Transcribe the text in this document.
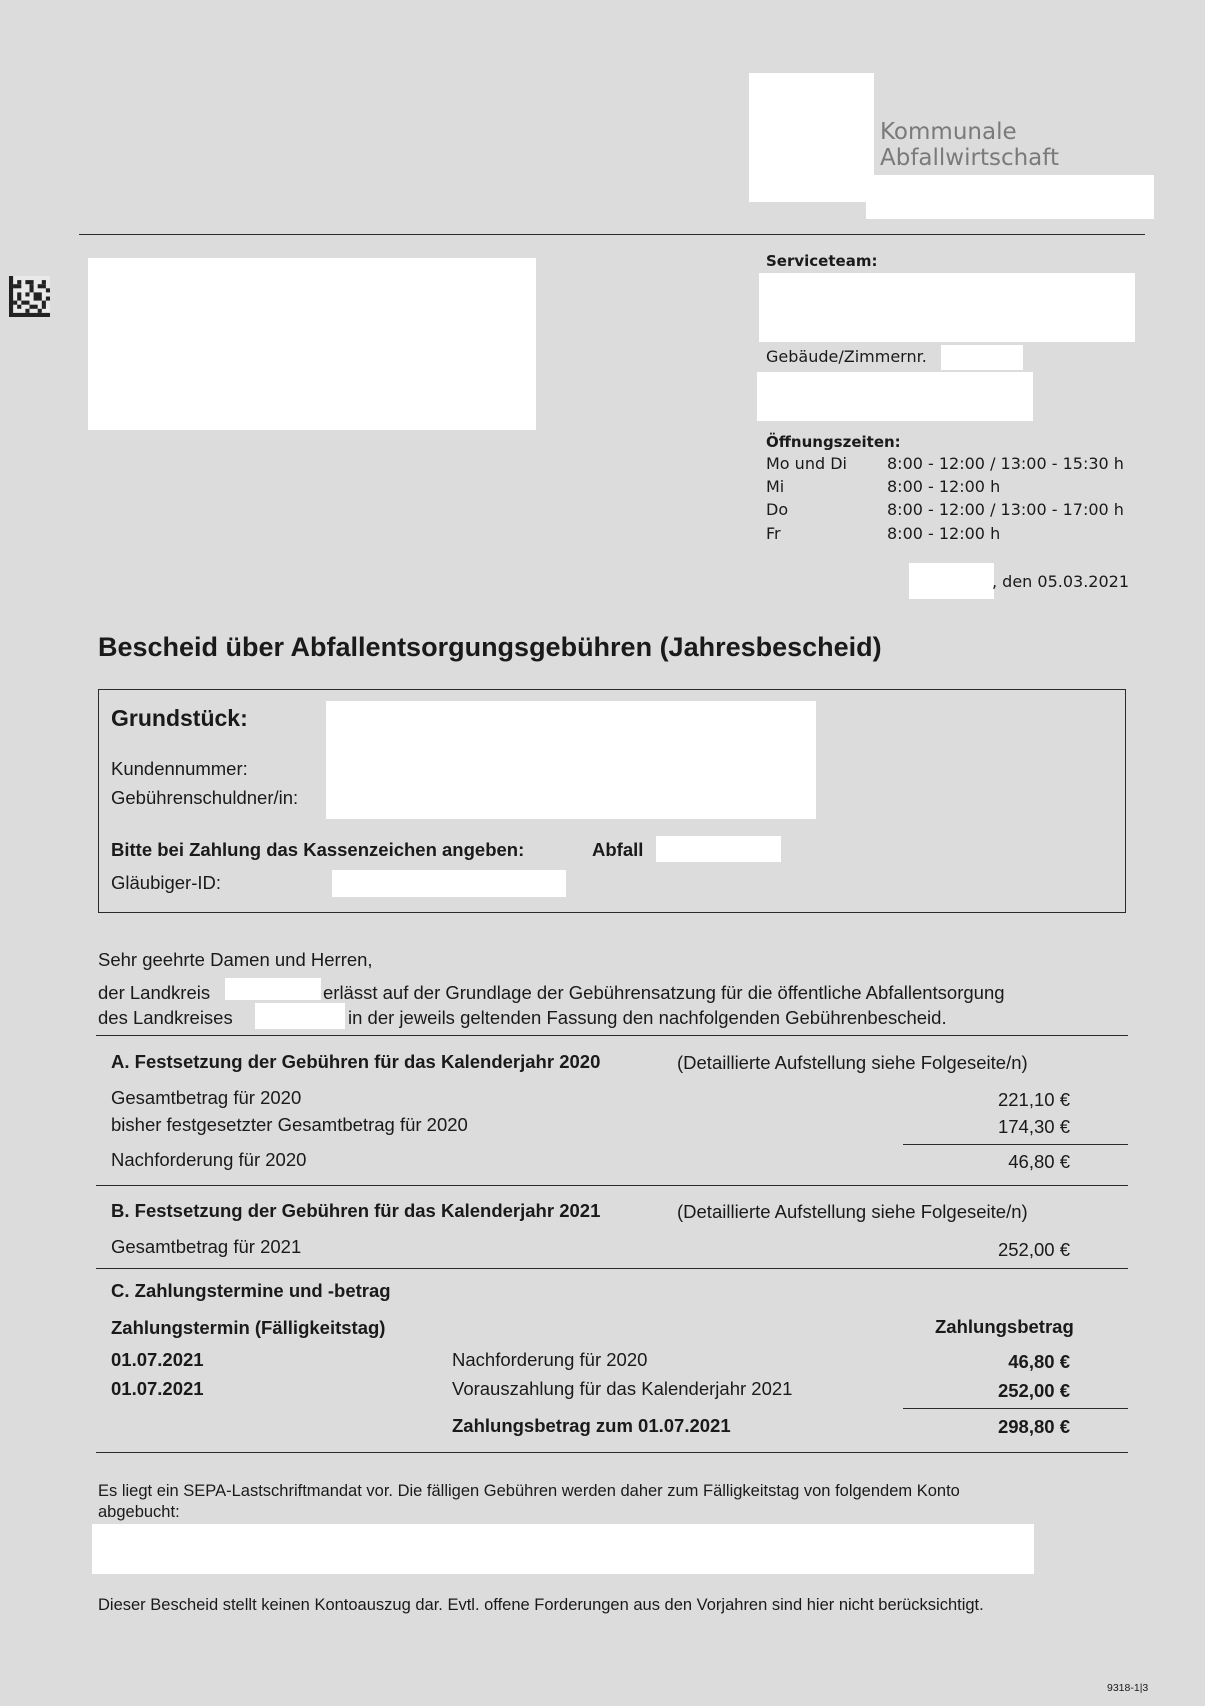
Kommunale
Abfallwirtschaft
Serviceteam:
Gebäude/Zimmernr.
Öffnungszeiten:
Mo und Di	8:00 - 12:00 / 13:00 - 15:30 h
Mi	8:00 - 12:00 h
Do	8:00 - 12:00 / 13:00 - 17:00 h
Fr	8:00 - 12:00 h
, den 05.03.2021
Bescheid über Abfallentsorgungsgebühren (Jahresbescheid)
Grundstück:
Kundennummer:
Gebührenschuldner/in:
Bitte bei Zahlung das Kassenzeichen angeben:	Abfall
Gläubiger-ID:
Sehr geehrte Damen und Herren,
der Landkreis	erlässt auf der Grundlage der Gebührensatzung für die öffentliche Abfallentsorgung
des Landkreises	in der jeweils geltenden Fassung den nachfolgenden Gebührenbescheid.
A. Festsetzung der Gebühren für das Kalenderjahr 2020	(Detaillierte Aufstellung siehe Folgeseite/n)
Gesamtbetrag für 2020	221,10 €
bisher festgesetzter Gesamtbetrag für 2020	174,30 €
Nachforderung für 2020	46,80 €
B. Festsetzung der Gebühren für das Kalenderjahr 2021	(Detaillierte Aufstellung siehe Folgeseite/n)
Gesamtbetrag für 2021	252,00 €
C. Zahlungstermine und -betrag
Zahlungstermin (Fälligkeitstag)	Zahlungsbetrag
01.07.2021	Nachforderung für 2020	46,80 €
01.07.2021	Vorauszahlung für das Kalenderjahr 2021	252,00 €
Zahlungsbetrag zum 01.07.2021	298,80 €
Es liegt ein SEPA-Lastschriftmandat vor. Die fälligen Gebühren werden daher zum Fälligkeitstag von folgendem Konto
abgebucht:
Dieser Bescheid stellt keinen Kontoauszug dar. Evtl. offene Forderungen aus den Vorjahren sind hier nicht berücksichtigt.
9318-1|3
